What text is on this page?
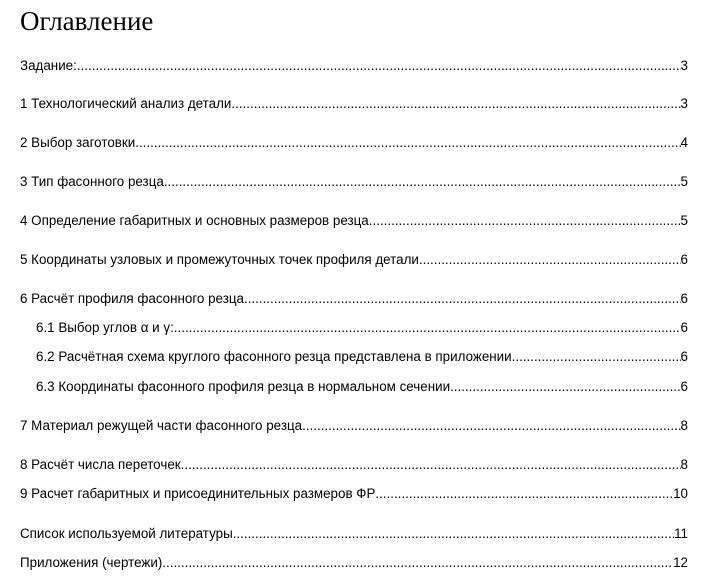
Оглавление
Задание: .....	3
1 Технологический анализ детали .....	3
2 Выбор заготовки .....	4
3 Тип фасонного резца .....	5
4 Определение габаритных и основных размеров резца .....	5
5 Координаты узловых и промежуточных точек профиля детали .....	6
6 Расчёт профиля фасонного резца .....	6
6.1 Выбор углов α и γ: .....	6
6.2 Расчётная схема круглого фасонного резца представлена в приложении .....	6
6.3 Координаты фасонного профиля резца в нормальном сечении .....	6
7 Материал режущей части фасонного резца. .....	8
8 Расчёт числа переточек .....	8
9 Расчет габаритных и присоединительных размеров ФР .....	10
Список используемой литературы .....	11
Приложения (чертежи) .....	12
